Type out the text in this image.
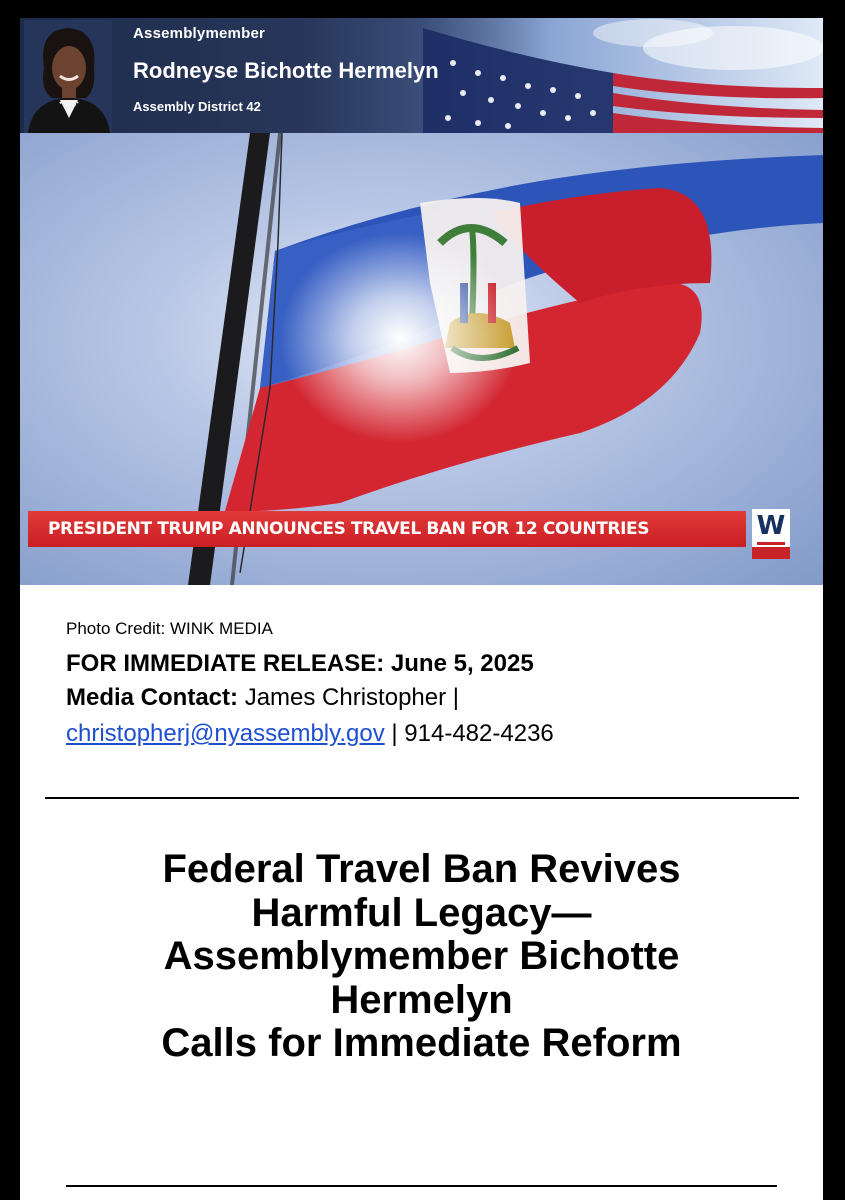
Assemblymember
Rodneyse Bichotte Hermelyn
Assembly District 42
PRESIDENT TRUMP ANNOUNCES TRAVEL BAN FOR 12 COUNTRIES	W
Photo Credit: WINK MEDIA
FOR IMMEDIATE RELEASE: June 5, 2025
Media Contact: James Christopher |
christopherj@nyassembly.gov | 914-482-4236
Federal Travel Ban Revives
Harmful Legacy—
Assemblymember Bichotte
Hermelyn
Calls for Immediate Reform
